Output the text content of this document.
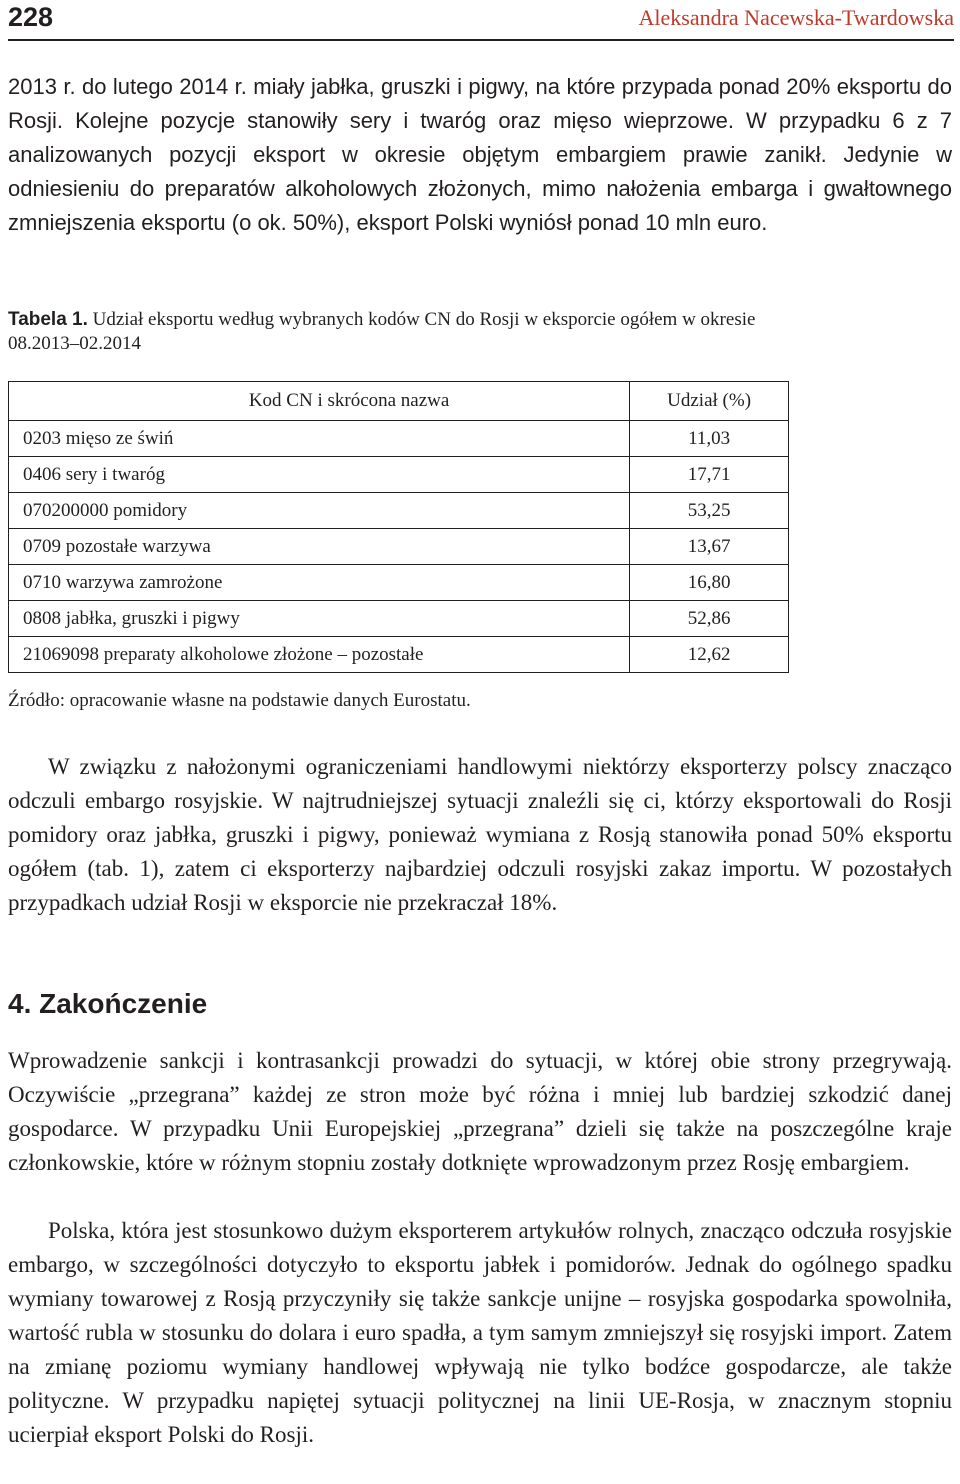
228	Aleksandra Nacewska-Twardowska

2013 r. do lutego 2014 r. miały jabłka, gruszki i pigwy, na które przypada ponad 20% eksportu do Rosji. Kolejne pozycje stanowiły sery i twaróg oraz mięso wieprzowe. W przypadku 6 z 7 analizowanych pozycji eksport w okresie objętym embargiem prawie zanikł. Jedynie w odniesieniu do preparatów alkoholowych złożonych, mimo nałożenia embarga i gwałtownego zmniejszenia eksportu (o ok. 50%), eksport Polski wyniósł ponad 10 mln euro.

Tabela 1. Udział eksportu według wybranych kodów CN do Rosji w eksporcie ogółem w okresie 08.2013–02.2014

Kod CN i skrócona nazwa	Udział (%)
0203 mięso ze świń	11,03
0406 sery i twaróg	17,71
070200000 pomidory	53,25
0709 pozostałe warzywa	13,67
0710 warzywa zamrożone	16,80
0808 jabłka, gruszki i pigwy	52,86
21069098 preparaty alkoholowe złożone – pozostałe	12,62
Źródło: opracowanie własne na podstawie danych Eurostatu.

W związku z nałożonymi ograniczeniami handlowymi niektórzy eksporterzy polscy znacząco odczuli embargo rosyjskie. W najtrudniejszej sytuacji znaleźli się ci, którzy eksportowali do Rosji pomidory oraz jabłka, gruszki i pigwy, ponieważ wymiana z Rosją stanowiła ponad 50% eksportu ogółem (tab. 1), zatem ci eksporterzy najbardziej odczuli rosyjski zakaz importu. W pozostałych przypadkach udział Rosji w eksporcie nie przekraczał 18%.

4. Zakończenie

Wprowadzenie sankcji i kontrasankcji prowadzi do sytuacji, w której obie strony przegrywają. Oczywiście „przegrana” każdej ze stron może być różna i mniej lub bardziej szkodzić danej gospodarce. W przypadku Unii Europejskiej „przegrana” dzieli się także na poszczególne kraje członkowskie, które w różnym stopniu zostały dotknięte wprowadzonym przez Rosję embargiem.

Polska, która jest stosunkowo dużym eksporterem artykułów rolnych, znacząco odczuła rosyjskie embargo, w szczególności dotyczyło to eksportu jabłek i pomidorów. Jednak do ogólnego spadku wymiany towarowej z Rosją przyczyniły się także sankcje unijne – rosyjska gospodarka spowolniła, wartość rubla w stosunku do dolara i euro spadła, a tym samym zmniejszył się rosyjski import. Zatem na zmianę poziomu wymiany handlowej wpływają nie tylko bodźce gospodarcze, ale także polityczne. W przypadku napiętej sytuacji politycznej na linii UE-Rosja, w znacznym stopniu ucierpiał eksport Polski do Rosji.
